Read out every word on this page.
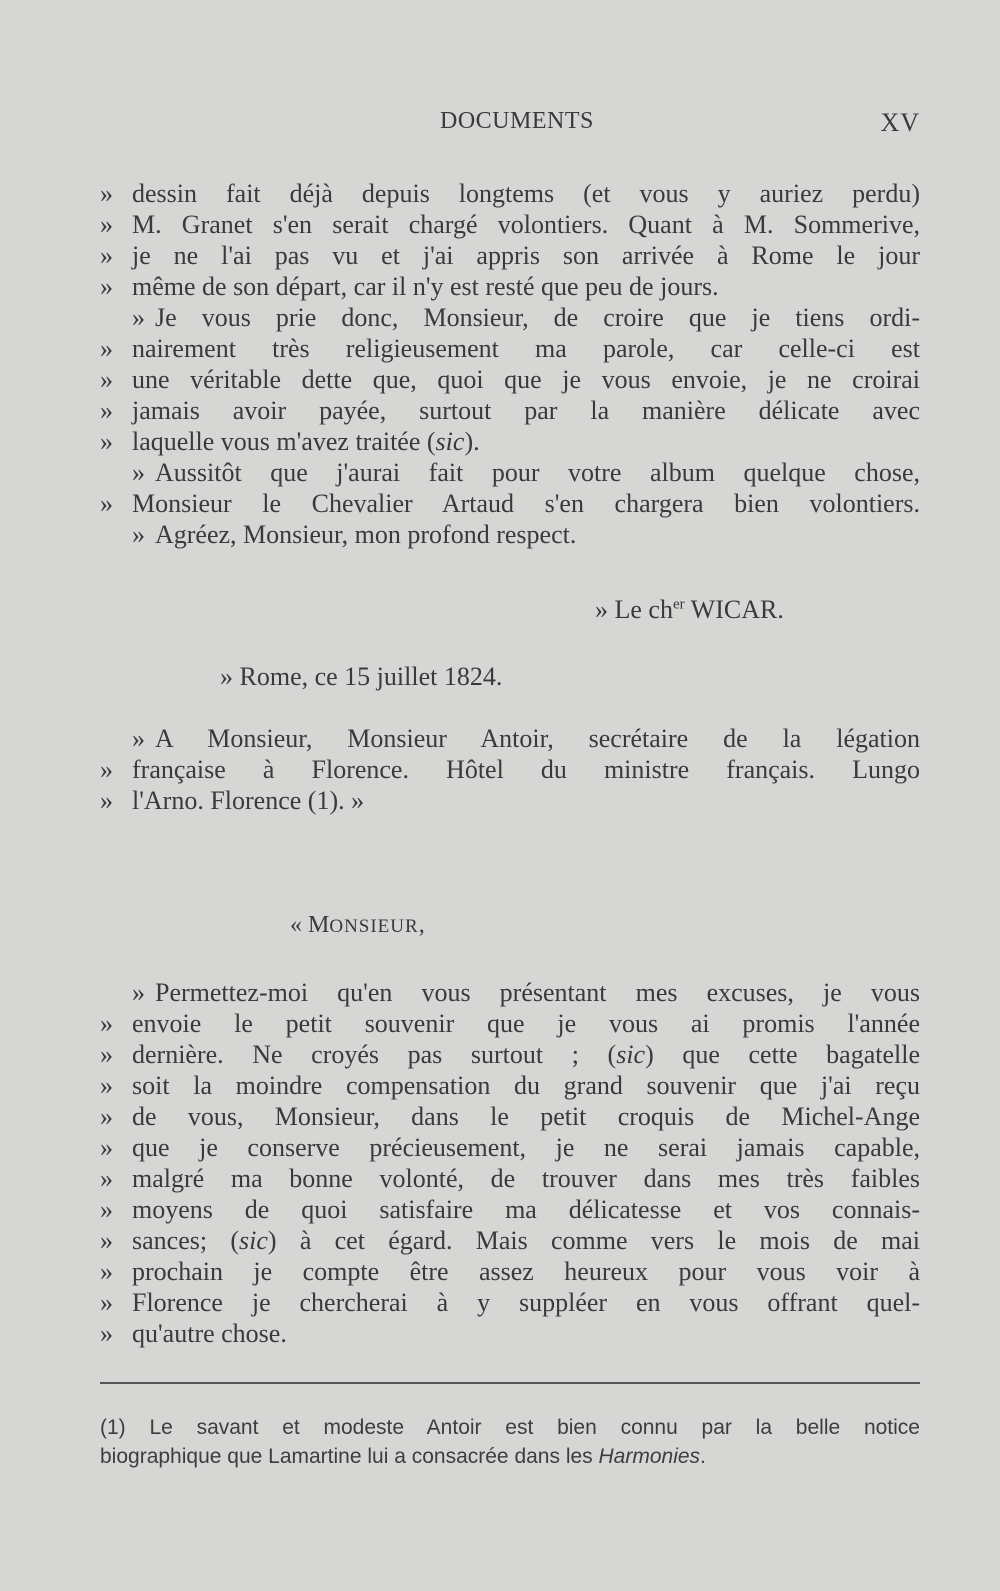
DOCUMENTS	XV
» dessin fait déjà depuis longtems (et vous y auriez perdu)
» M. Granet s'en serait chargé volontiers. Quant à M. Sommerive,
» je ne l'ai pas vu et j'ai appris son arrivée à Rome le jour
» même de son départ, car il n'y est resté que peu de jours.
» Je vous prie donc, Monsieur, de croire que je tiens ordi-
» nairement très religieusement ma parole, car celle-ci est
» une véritable dette que, quoi que je vous envoie, je ne croirai
» jamais avoir payée, surtout par la manière délicate avec
» laquelle vous m'avez traitée (sic).
» Aussitôt que j'aurai fait pour votre album quelque chose,
» Monsieur le Chevalier Artaud s'en chargera bien volontiers.
» Agréez, Monsieur, mon profond respect.
» Le $ch^{er}$ WICAR.
» Rome, ce 15 juillet 1824.
» A Monsieur, Monsieur Antoir, secrétaire de la légation
» française à Florence. Hôtel du ministre français. Lungo
» l'Arno. Florence (1). »
« MONSIEUR,
» Permettez-moi qu'en vous présentant mes excuses, je vous
» envoie le petit souvenir que je vous ai promis l'année
» dernière. Ne croyés pas surtout ; (sic) que cette bagatelle
» soit la moindre compensation du grand souvenir que j'ai reçu
» de vous, Monsieur, dans le petit croquis de Michel-Ange
» que je conserve précieusement, je ne serai jamais capable,
» malgré ma bonne volonté, de trouver dans mes très faibles
» moyens de quoi satisfaire ma délicatesse et vos connais-
» sances; (sic) à cet égard. Mais comme vers le mois de mai
» prochain je compte être assez heureux pour vous voir à
» Florence je chercherai à y suppléer en vous offrant quel-
» qu'autre chose.
(1) Le savant et modeste Antoir est bien connu par la belle notice
biographique que Lamartine lui a consacrée dans les Harmonies.
